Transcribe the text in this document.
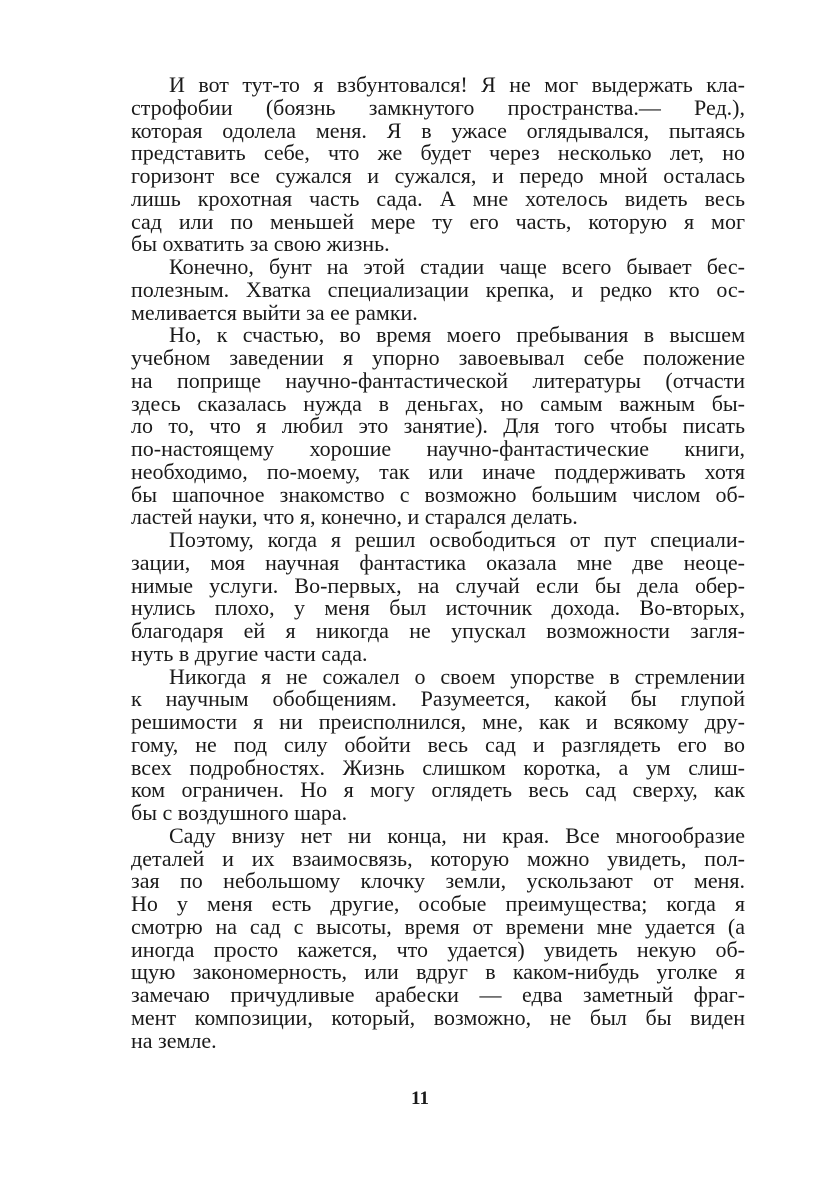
И вот тут-то я взбунтовался! Я не мог выдержать кла-
строфобии (боязнь замкнутого пространства.— Ред.),
которая одолела меня. Я в ужасе оглядывался, пытаясь
представить себе, что же будет через несколько лет, но
горизонт все сужался и сужался, и передо мной осталась
лишь крохотная часть сада. А мне хотелось видеть весь
сад или по меньшей мере ту его часть, которую я мог
бы охватить за свою жизнь.
Конечно, бунт на этой стадии чаще всего бывает бес-
полезным. Хватка специализации крепка, и редко кто ос-
меливается выйти за ее рамки.
Но, к счастью, во время моего пребывания в высшем
учебном заведении я упорно завоевывал себе положение
на поприще научно-фантастической литературы (отчасти
здесь сказалась нужда в деньгах, но самым важным бы-
ло то, что я любил это занятие). Для того чтобы писать
по-настоящему хорошие научно-фантастические книги,
необходимо, по-моему, так или иначе поддерживать хотя
бы шапочное знакомство с возможно большим числом об-
ластей науки, что я, конечно, и старался делать.
Поэтому, когда я решил освободиться от пут специали-
зации, моя научная фантастика оказала мне две неоце-
нимые услуги. Во-первых, на случай если бы дела обер-
нулись плохо, у меня был источник дохода. Во-вторых,
благодаря ей я никогда не упускал возможности загля-
нуть в другие части сада.
Никогда я не сожалел о своем упорстве в стремлении
к научным обобщениям. Разумеется, какой бы глупой
решимости я ни преисполнился, мне, как и всякому дру-
гому, не под силу обойти весь сад и разглядеть его во
всех подробностях. Жизнь слишком коротка, а ум слиш-
ком ограничен. Но я могу оглядеть весь сад сверху, как
бы с воздушного шара.
Саду внизу нет ни конца, ни края. Все многообразие
деталей и их взаимосвязь, которую можно увидеть, пол-
зая по небольшому клочку земли, ускользают от меня.
Но у меня есть другие, особые преимущества; когда я
смотрю на сад с высоты, время от времени мне удается (а
иногда просто кажется, что удается) увидеть некую об-
щую закономерность, или вдруг в каком-нибудь уголке я
замечаю причудливые арабески — едва заметный фраг-
мент композиции, который, возможно, не был бы виден
на земле.
11
